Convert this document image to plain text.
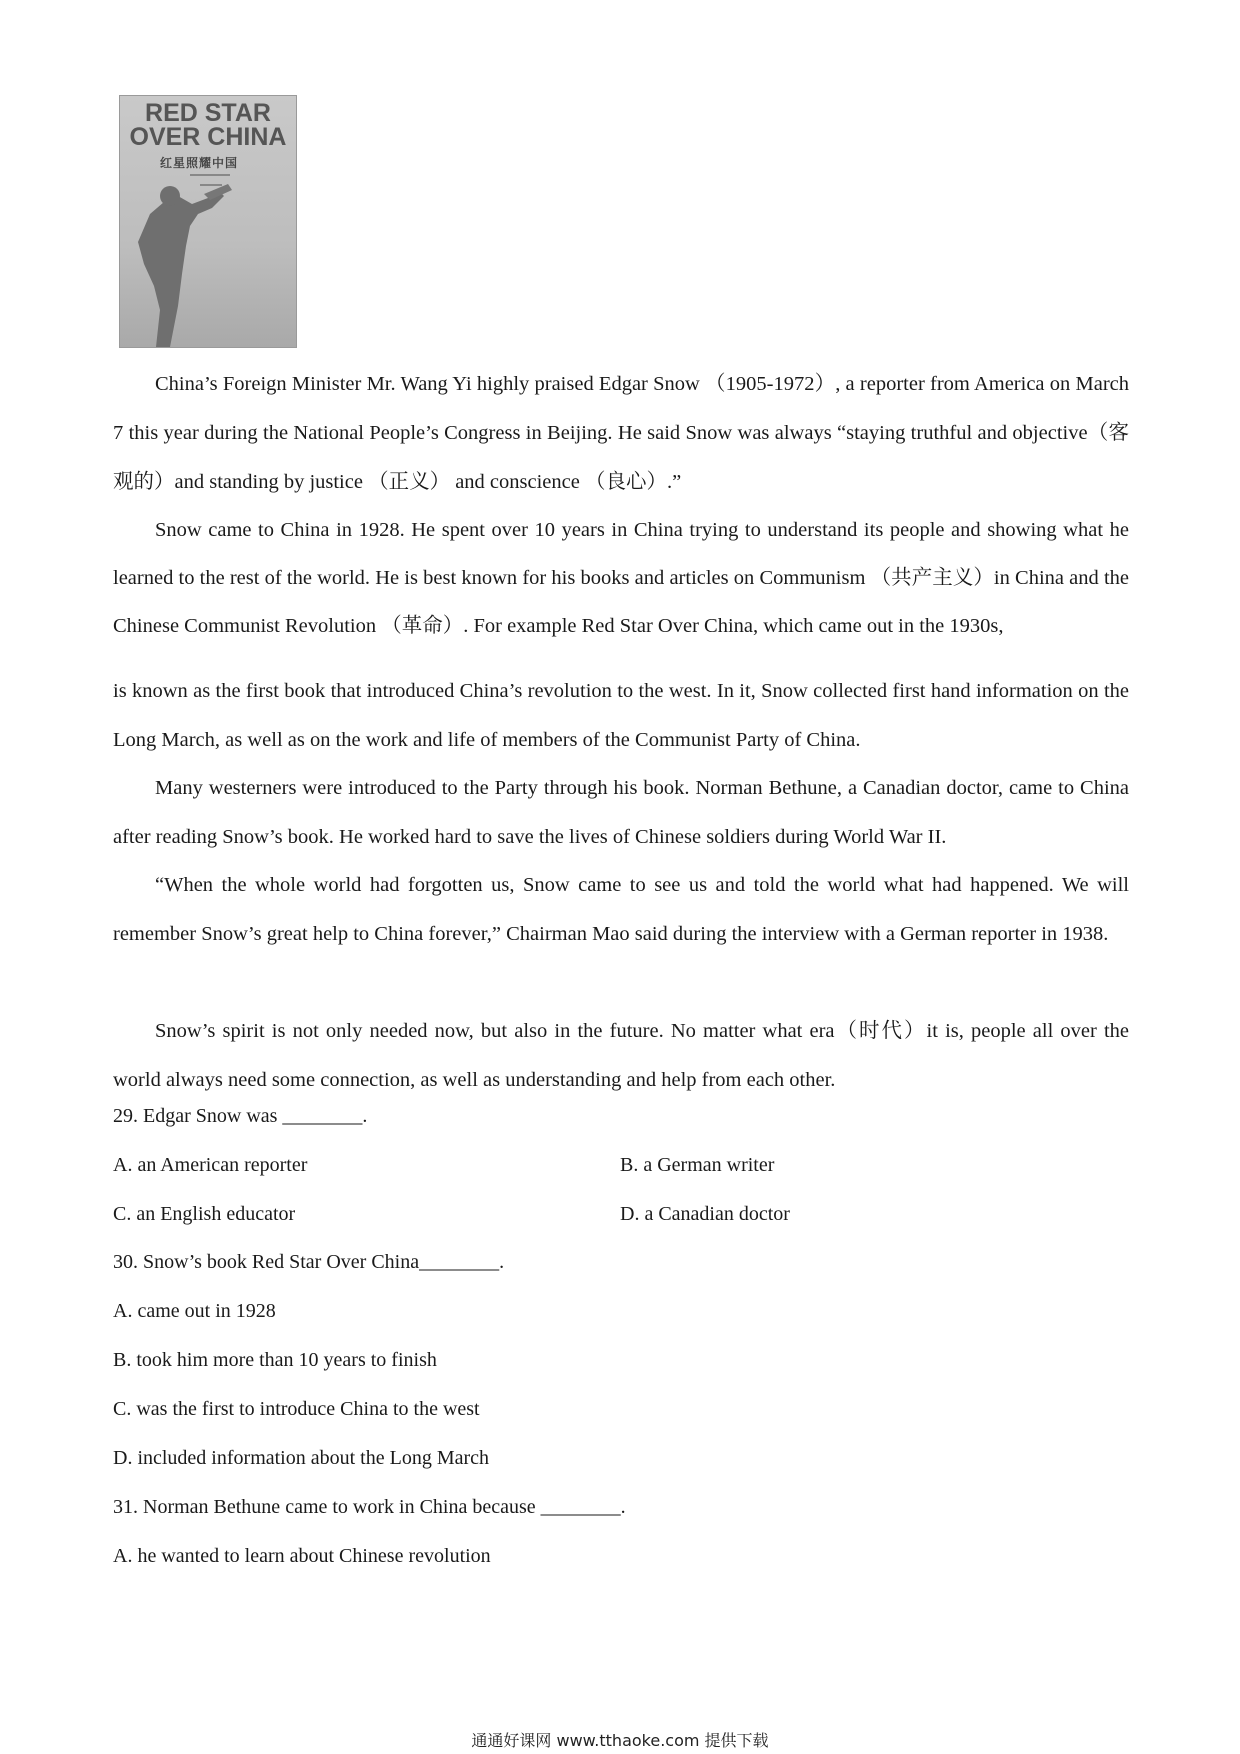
RED STAR
OVER CHINA
红星照耀中国

China’s Foreign Minister Mr. Wang Yi highly praised Edgar Snow （1905-1972）, a reporter from America on March 7 this year during the National People’s Congress in Beijing. He said Snow was always “staying truthful and objective（客观的）and standing by justice （正义） and conscience （良心）.”

Snow came to China in 1928. He spent over 10 years in China trying to understand its people and showing what he learned to the rest of the world. He is best known for his books and articles on Communism （共产主义）in China and the Chinese Communist Revolution （革命）. For example Red Star Over China, which came out in the 1930s,

is known as the first book that introduced China’s revolution to the west. In it, Snow collected first hand information on the Long March, as well as on the work and life of members of the Communist Party of China.

Many westerners were introduced to the Party through his book. Norman Bethune, a Canadian doctor, came to China after reading Snow’s book. He worked hard to save the lives of Chinese soldiers during World War II.

“When the whole world had forgotten us, Snow came to see us and told the world what had happened. We will remember Snow’s great help to China forever,” Chairman Mao said during the interview with a German reporter in 1938.

Snow’s spirit is not only needed now, but also in the future. No matter what era（时代）it is, people all over the world always need some connection, as well as understanding and help from each other.

29. Edgar Snow was ________.
A. an American reporter	B. a German writer
C. an English educator	D. a Canadian doctor
30. Snow’s book Red Star Over China________.
A. came out in 1928
B. took him more than 10 years to finish
C. was the first to introduce China to the west
D. included information about the Long March
31. Norman Bethune came to work in China because ________.
A. he wanted to learn about Chinese revolution
通通好课网 www.tthaoke.com 提供下载
